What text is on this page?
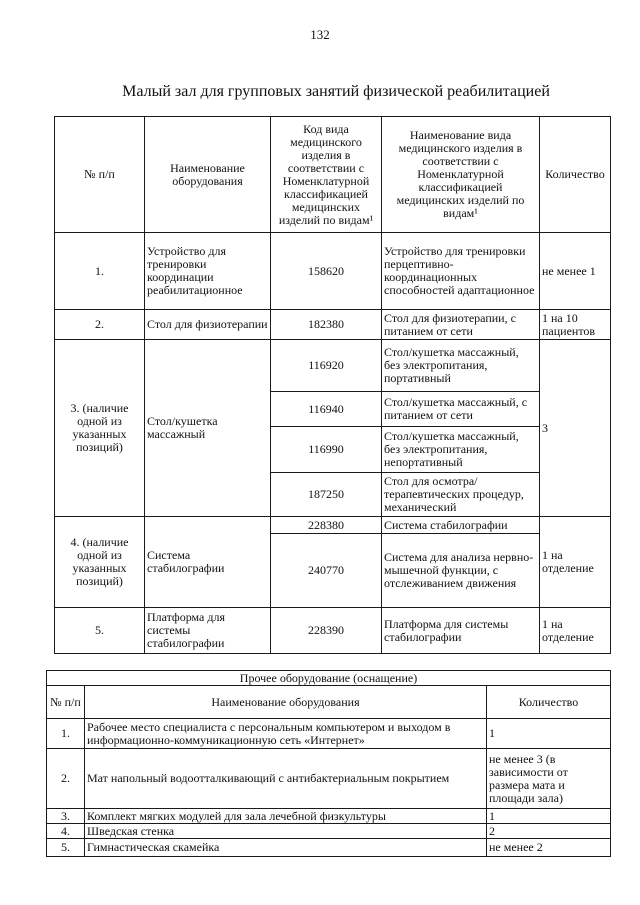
132
Малый зал для групповых занятий физической реабилитацией
№ п/п	Наименование оборудования	Код вида медицинского изделия в соответствии с Номенклатурной классификацией медицинских изделий по видам¹	Наименование вида медицинского изделия в соответствии с Номенклатурной классификацией медицинских изделий по видам¹	Количество
1.	Устройство для тренировки координации реабилитационное	158620	Устройство для тренировки перцептивно-координационных способностей адаптационное	не менее 1
2.	Стол для физиотерапии	182380	Стол для физиотерапии, с питанием от сети	1 на 10 пациентов
3. (наличие одной из указанных позиций)	Стол/кушетка массажный	116920	Стол/кушетка массажный, без электропитания, портативный	3
		116940	Стол/кушетка массажный, с питанием от сети	
		116990	Стол/кушетка массажный, без электропитания, непортативный	
		187250	Стол для осмотра/ терапевтических процедур, механический	
4. (наличие одной из указанных позиций)	Система стабилографии	228380	Система стабилографии	1 на отделение
		240770	Система для анализа нервно-мышечной функции, с отслеживанием движения	
5.	Платформа для системы стабилографии	228390	Платформа для системы стабилографии	1 на отделение
Прочее оборудование (оснащение)		
№ п/п	Наименование оборудования	Количество
1.	Рабочее место специалиста с персональным компьютером и выходом в информационно-коммуникационную сеть «Интернет»	1
2.	Мат напольный водоотталкивающий с антибактериальным покрытием	не менее 3 (в зависимости от размера мата и площади зала)
3.	Комплект мягких модулей для зала лечебной физкультуры	1
4.	Шведская стенка	2
5.	Гимнастическая скамейка	не менее 2
